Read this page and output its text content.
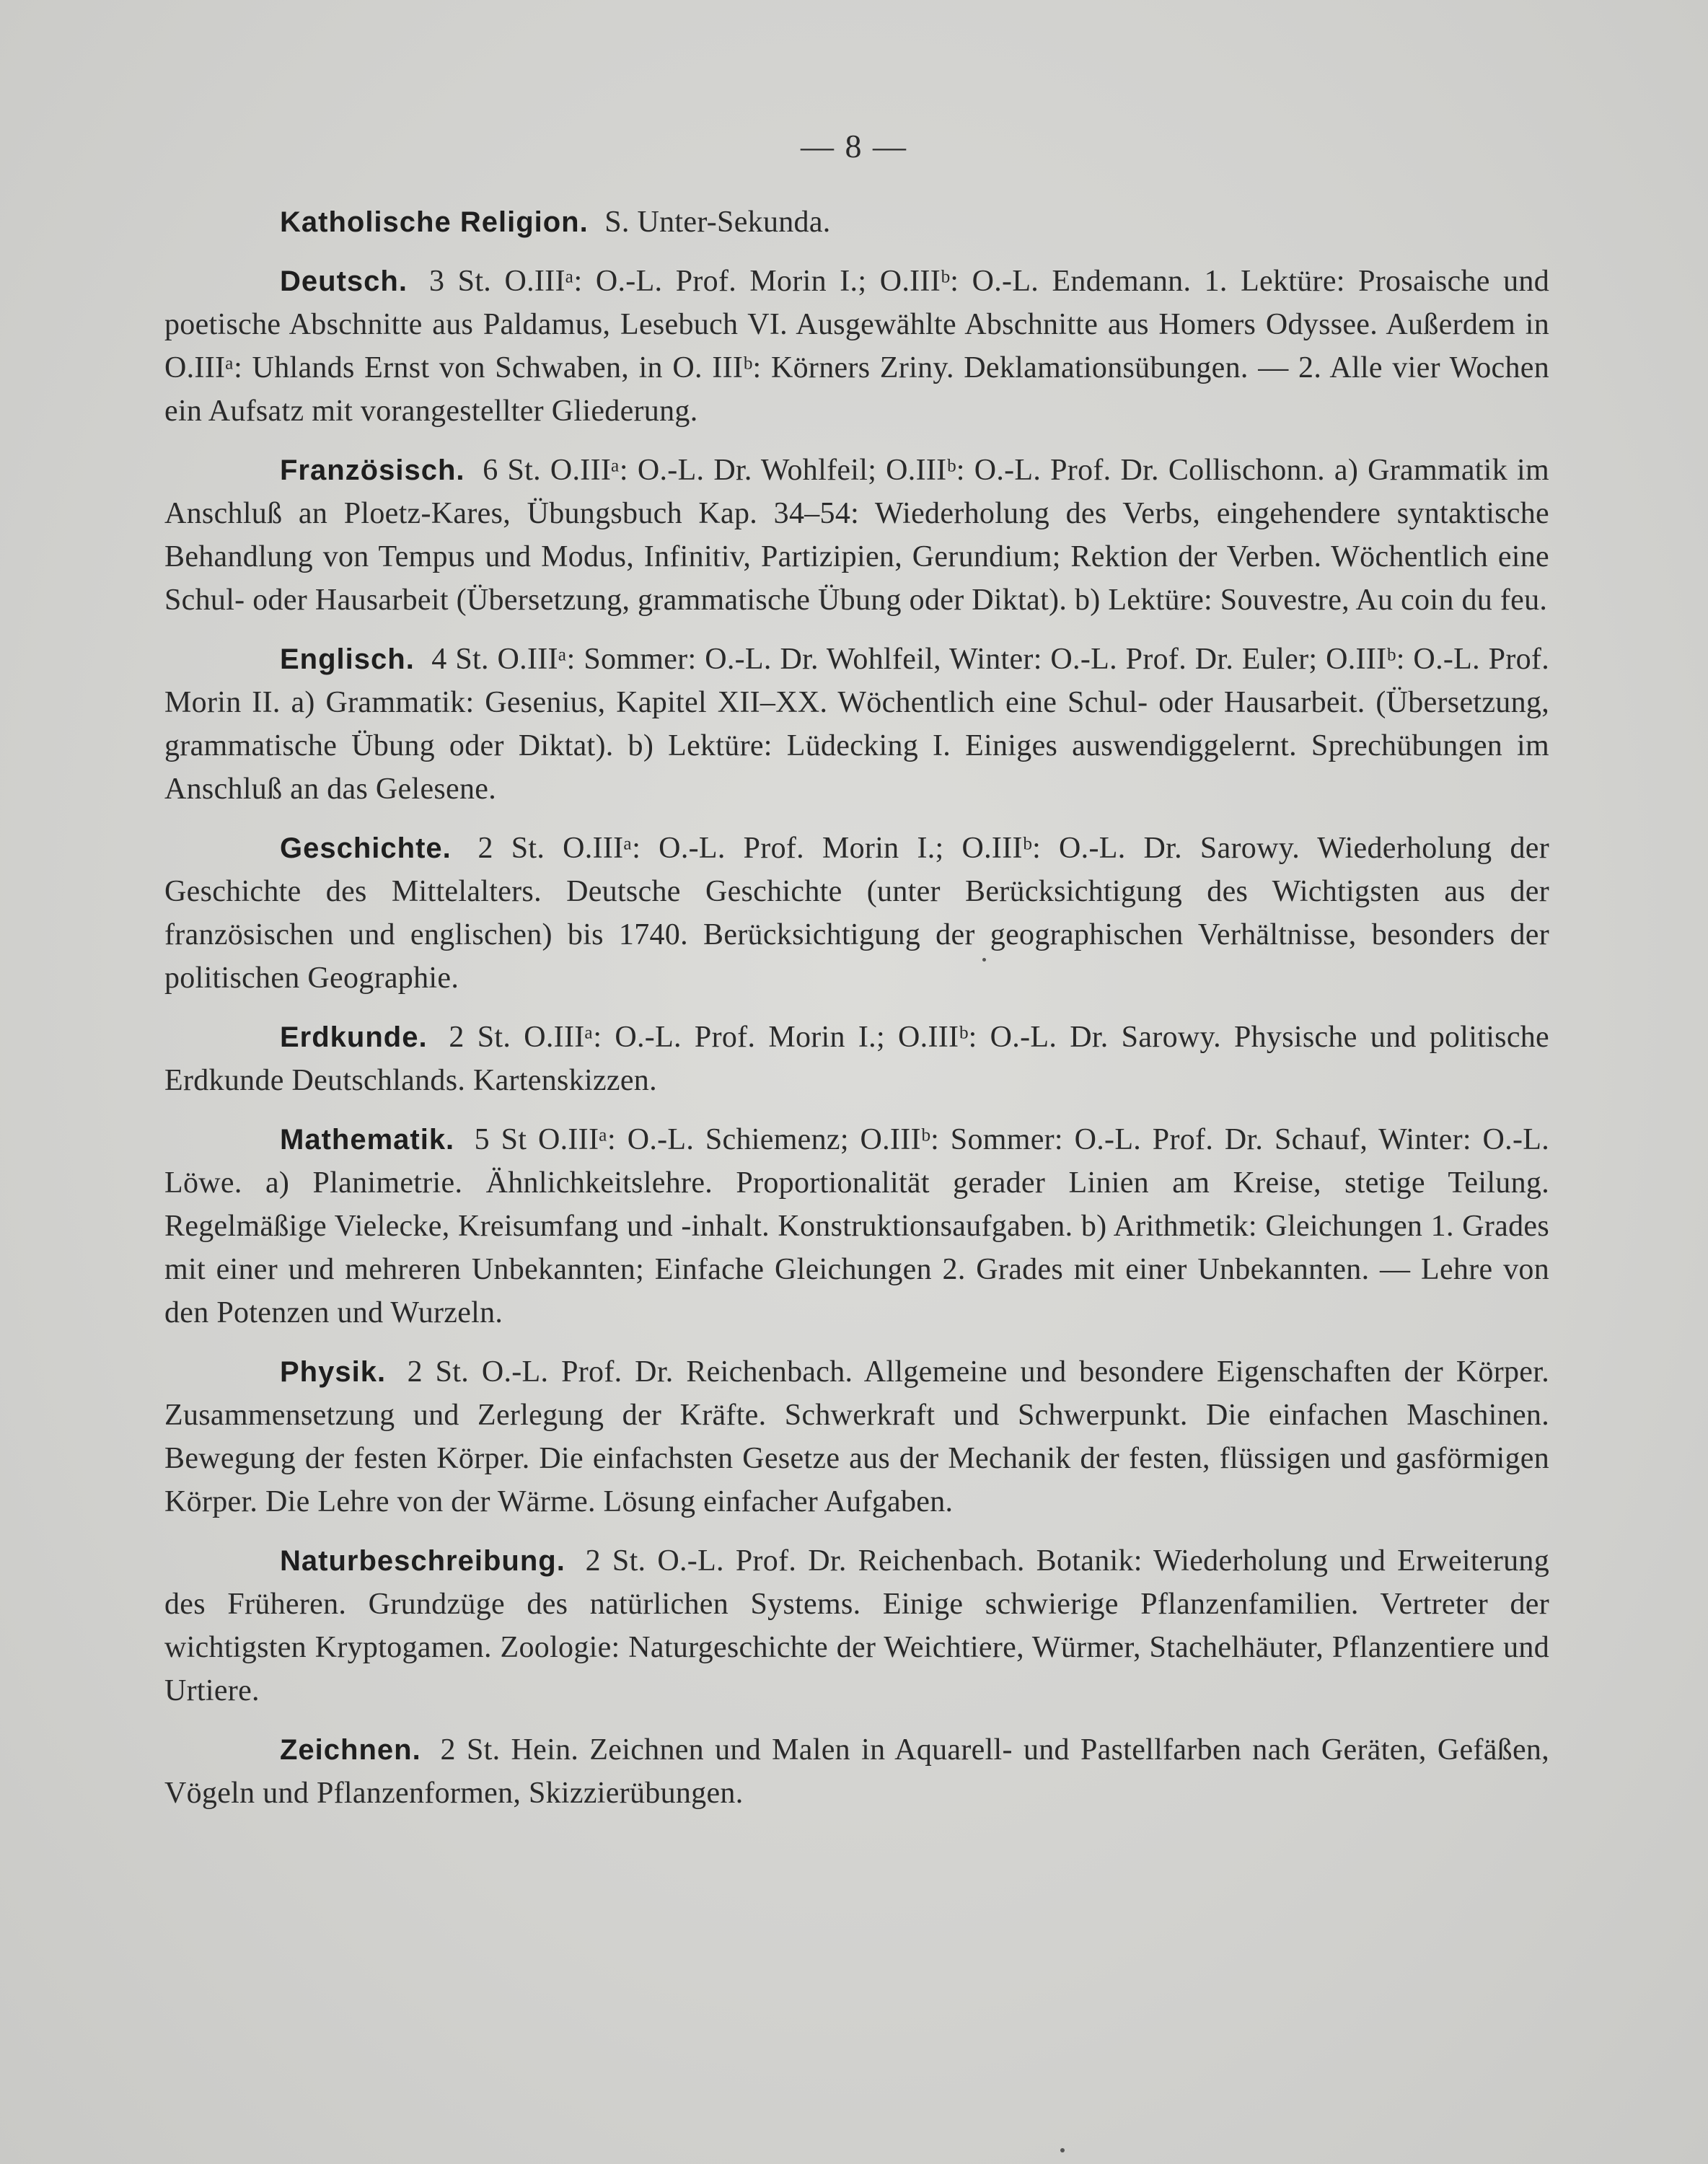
— 8 —

Katholische Religion. S. Unter-Sekunda.

Deutsch. 3 St. O.IIIᵃ: O.-L. Prof. Morin I.; O.IIIᵇ: O.-L. Endemann. 1. Lektüre: Prosaische und poetische Abschnitte aus Paldamus, Lesebuch VI. Ausgewählte Abschnitte aus Homers Odyssee. Außerdem in O.IIIᵃ: Uhlands Ernst von Schwaben, in O. IIIᵇ: Körners Zriny. Deklamationsübungen. — 2. Alle vier Wochen ein Aufsatz mit vorangestellter Gliederung.

Französisch. 6 St. O.IIIᵃ: O.-L. Dr. Wohlfeil; O.IIIᵇ: O.-L. Prof. Dr. Collischonn. a) Grammatik im Anschluß an Ploetz-Kares, Übungsbuch Kap. 34–54: Wiederholung des Verbs, eingehendere syntaktische Behandlung von Tempus und Modus, Infinitiv, Partizipien, Gerundium; Rektion der Verben. Wöchentlich eine Schul- oder Hausarbeit (Übersetzung, grammatische Übung oder Diktat). b) Lektüre: Souvestre, Au coin du feu.

Englisch. 4 St. O.IIIᵃ: Sommer: O.-L. Dr. Wohlfeil, Winter: O.-L. Prof. Dr. Euler; O.IIIᵇ: O.-L. Prof. Morin II. a) Grammatik: Gesenius, Kapitel XII–XX. Wöchentlich eine Schul- oder Hausarbeit. (Übersetzung, grammatische Übung oder Diktat). b) Lektüre: Lüdecking I. Einiges auswendiggelernt. Sprechübungen im Anschluß an das Gelesene.

Geschichte. 2 St. O.IIIᵃ: O.-L. Prof. Morin I.; O.IIIᵇ: O.-L. Dr. Sarowy. Wiederholung der Geschichte des Mittelalters. Deutsche Geschichte (unter Berücksichtigung des Wichtigsten aus der französischen und englischen) bis 1740. Berücksichtigung der geographischen Verhältnisse, besonders der politischen Geographie.

Erdkunde. 2 St. O.IIIᵃ: O.-L. Prof. Morin I.; O.IIIᵇ: O.-L. Dr. Sarowy. Physische und politische Erdkunde Deutschlands. Kartenskizzen.

Mathematik. 5 St O.IIIᵃ: O.-L. Schiemenz; O.IIIᵇ: Sommer: O.-L. Prof. Dr. Schauf, Winter: O.-L. Löwe. a) Planimetrie. Ähnlichkeitslehre. Proportionalität gerader Linien am Kreise, stetige Teilung. Regelmäßige Vielecke, Kreisumfang und -inhalt. Konstruktionsaufgaben. b) Arithmetik: Gleichungen 1. Grades mit einer und mehreren Unbekannten; Einfache Gleichungen 2. Grades mit einer Unbekannten. — Lehre von den Potenzen und Wurzeln.

Physik. 2 St. O.-L. Prof. Dr. Reichenbach. Allgemeine und besondere Eigenschaften der Körper. Zusammensetzung und Zerlegung der Kräfte. Schwerkraft und Schwerpunkt. Die einfachen Maschinen. Bewegung der festen Körper. Die einfachsten Gesetze aus der Mechanik der festen, flüssigen und gasförmigen Körper. Die Lehre von der Wärme. Lösung einfacher Aufgaben.

Naturbeschreibung. 2 St. O.-L. Prof. Dr. Reichenbach. Botanik: Wiederholung und Erweiterung des Früheren. Grundzüge des natürlichen Systems. Einige schwierige Pflanzenfamilien. Vertreter der wichtigsten Kryptogamen. Zoologie: Naturgeschichte der Weichtiere, Würmer, Stachelhäuter, Pflanzentiere und Urtiere.

Zeichnen. 2 St. Hein. Zeichnen und Malen in Aquarell- und Pastellfarben nach Geräten, Gefäßen, Vögeln und Pflanzenformen, Skizzierübungen.
